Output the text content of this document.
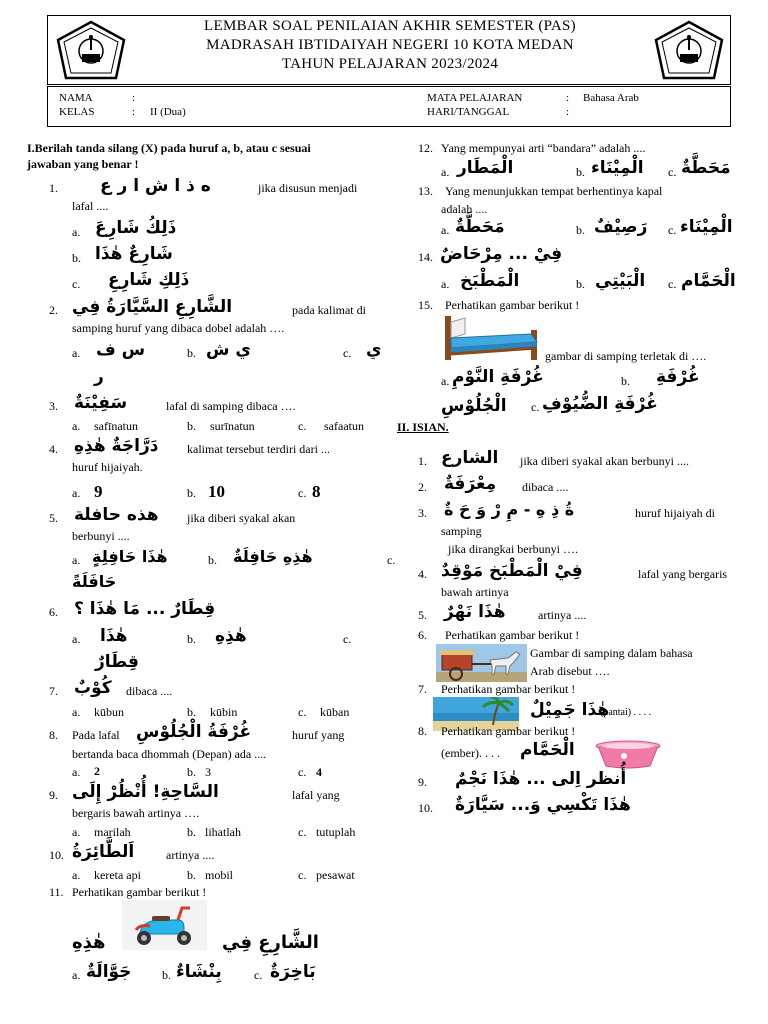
LEMBAR SOAL PENILAIAN AKHIR SEMESTER (PAS)
MADRASAH IBTIDAIYAH NEGERI 10 KOTA MEDAN
TAHUN PELAJARAN 2023/2024
NAMA	:
KELAS	: II (Dua)
MATA PELAJARAN	: Bahasa Arab
HARI/TANGGAL	:
I.Berilah tanda silang (X) pada huruf a, b, atau c sesuai
jawaban yang benar !
1. ه ذ ا ش ا ر ع	jika disusun menjadi
lafal ....
a. ذَلِكُ شَارِعَ
b. شَارِعٌ هٰذَا
c. ذَلِكِ شَارِعِ
2. الشَّارِعِ السَّيَّارَةُ فِي	pada kalimat di
samping huruf yang dibaca dobel adalah ….
a. س ف
ر
b. ي ش	c. ي
3. سَفِيْنَةٌ	lafal di samping dibaca ….
a. safīnatun	b. surīnatun	c. safaatun
4. دَرَّاجَةٌ هٰذِهِ kalimat tersebut terdiri dari ...
huruf hijaiyah.
a. 9	b. 10	c. 8
5. هذه حافلة jika diberi syakal akan
berbunyi ....
a. هٰذَا حَافِلِةٍ	b. هٰذِهِ حَافِلَةٌ	c.
حَافَلَةً
6. قِطَارٌ ... مَا هٰذَا ؟
a. هٰذَا
قِطَارٌ
b. هٰذِهِ	c.
7. كُوْبٌ dibaca ....
a. kūbun	b. kūbin	c. kūban
8. Pada lafal غُرْفَةُ الْجُلُوْسِ	huruf yang
bertanda baca dhommah (Depan) ada ....
a. 2	b. 3	c. 4
9. السَّاحِةِ! أُنْظُرْ إِلَى	lafal yang
bergaris bawah artinya ….
a. marilah	b. lihatlah	c. tutuplah
10. اَلطَّائِرَةُ	artinya ....
a. kereta api	b. mobil	c. pesawat
11. Perhatikan gambar berikut !
الشَّارِعِ فِي
هٰذِهِ
a. جَوَّالَةٌ	b. بِنْشَاءٌ	c. بَاخِرَةٌ
12. Yang mempunyai arti “bandara” adalah ....
a. الْمَطَار	b. الْمِيْنَاء c. مَحَطَّةٌ
13. Yang menunjukkan tempat berhentinya kapal
adalah ....
a. مَحَطَّةٌ	b. رَصِيْفٌ c. الْمِيْنَاء
14. فِيْ ... مِرْحَاضٌ
a. الْمَطْبَخ	b. الْبَيْتِي c. الْحَمَّام
15. Perhatikan gambar berikut !
gambar di samping terletak di ….
a. غُرْفَةِ النَّوْمِ	b. غُرْفَةِ
الْجُلُوْسِ c. غُرْفَةِ الضُّيُوْفِ
II. ISIAN.
1. الشارع jika diberi syakal akan berbunyi ....
2. مِعْرَفَةٌ dibaca ....
3. ةُ ذِ هِ - مِ رْ وَ حَ ةٌ	huruf hijaiyah di
samping
jika dirangkai berbunyi ….
4. فِيْ الْمَطْبَخ مَوْقِدٌ	lafal yang bergaris
bawah artinya
5. هٰذَا نَهْرٌ	artinya ....
6. Perhatikan gambar berikut !
Gambar di samping dalam bahasa
Arab disebut ….
7. Perhatikan gambar berikut !
هٰذَا جَمِيْلٌ
(pantai) . . . .
8. Perhatikan gambar berikut !
(ember). . . . الْحَمَّام
9. أُنظر اِلى ... هٰذَا نَجْمٌ
10. هٰذَا تَكْسِي وَ... سَيَّارَةٌ
